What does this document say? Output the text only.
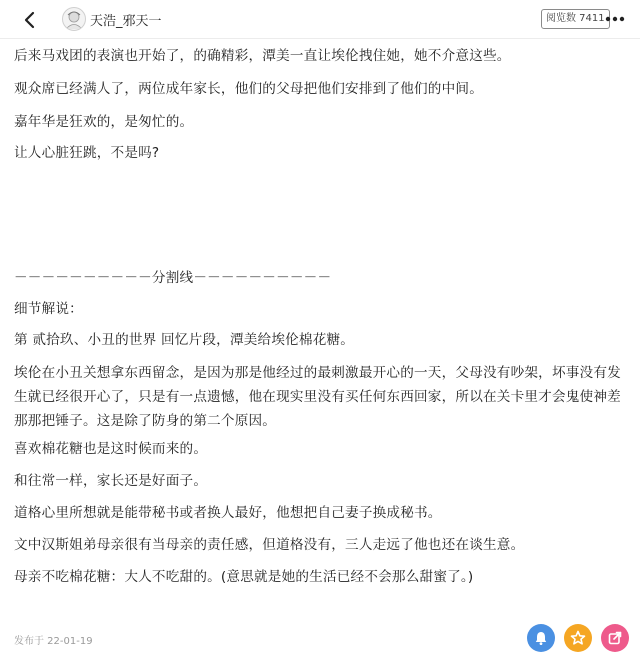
天浩_邪天一	阅览数 7411

后来马戏团的表演也开始了，的确精彩，潭美一直让埃伦拽住她，她不介意这些。

观众席已经满人了，两位成年家长，他们的父母把他们安排到了他们的中间。

嘉年华是狂欢的，是匆忙的。

让人心脏狂跳，不是吗?

－－－－－－－－－－分割线－－－－－－－－－－

细节解说：

第 贰拾玖、小丑的世界 回忆片段，潭美给埃伦棉花糖。

埃伦在小丑关想拿东西留念，是因为那是他经过的最刺激最开心的一天，父母没有吵架，坏事没有发生就已经很开心了，只是有一点遗憾，他在现实里没有买任何东西回家，所以在关卡里才会鬼使神差那那把锤子。这是除了防身的第二个原因。

喜欢棉花糖也是这时候而来的。

和往常一样，家长还是好面子。

道格心里所想就是能带秘书或者换人最好，他想把自己妻子换成秘书。

文中汉斯姐弟母亲很有当母亲的责任感，但道格没有，三人走远了他也还在谈生意。

母亲不吃棉花糖：大人不吃甜的。(意思就是她的生活已经不会那么甜蜜了。)

发布于 22-01-19
